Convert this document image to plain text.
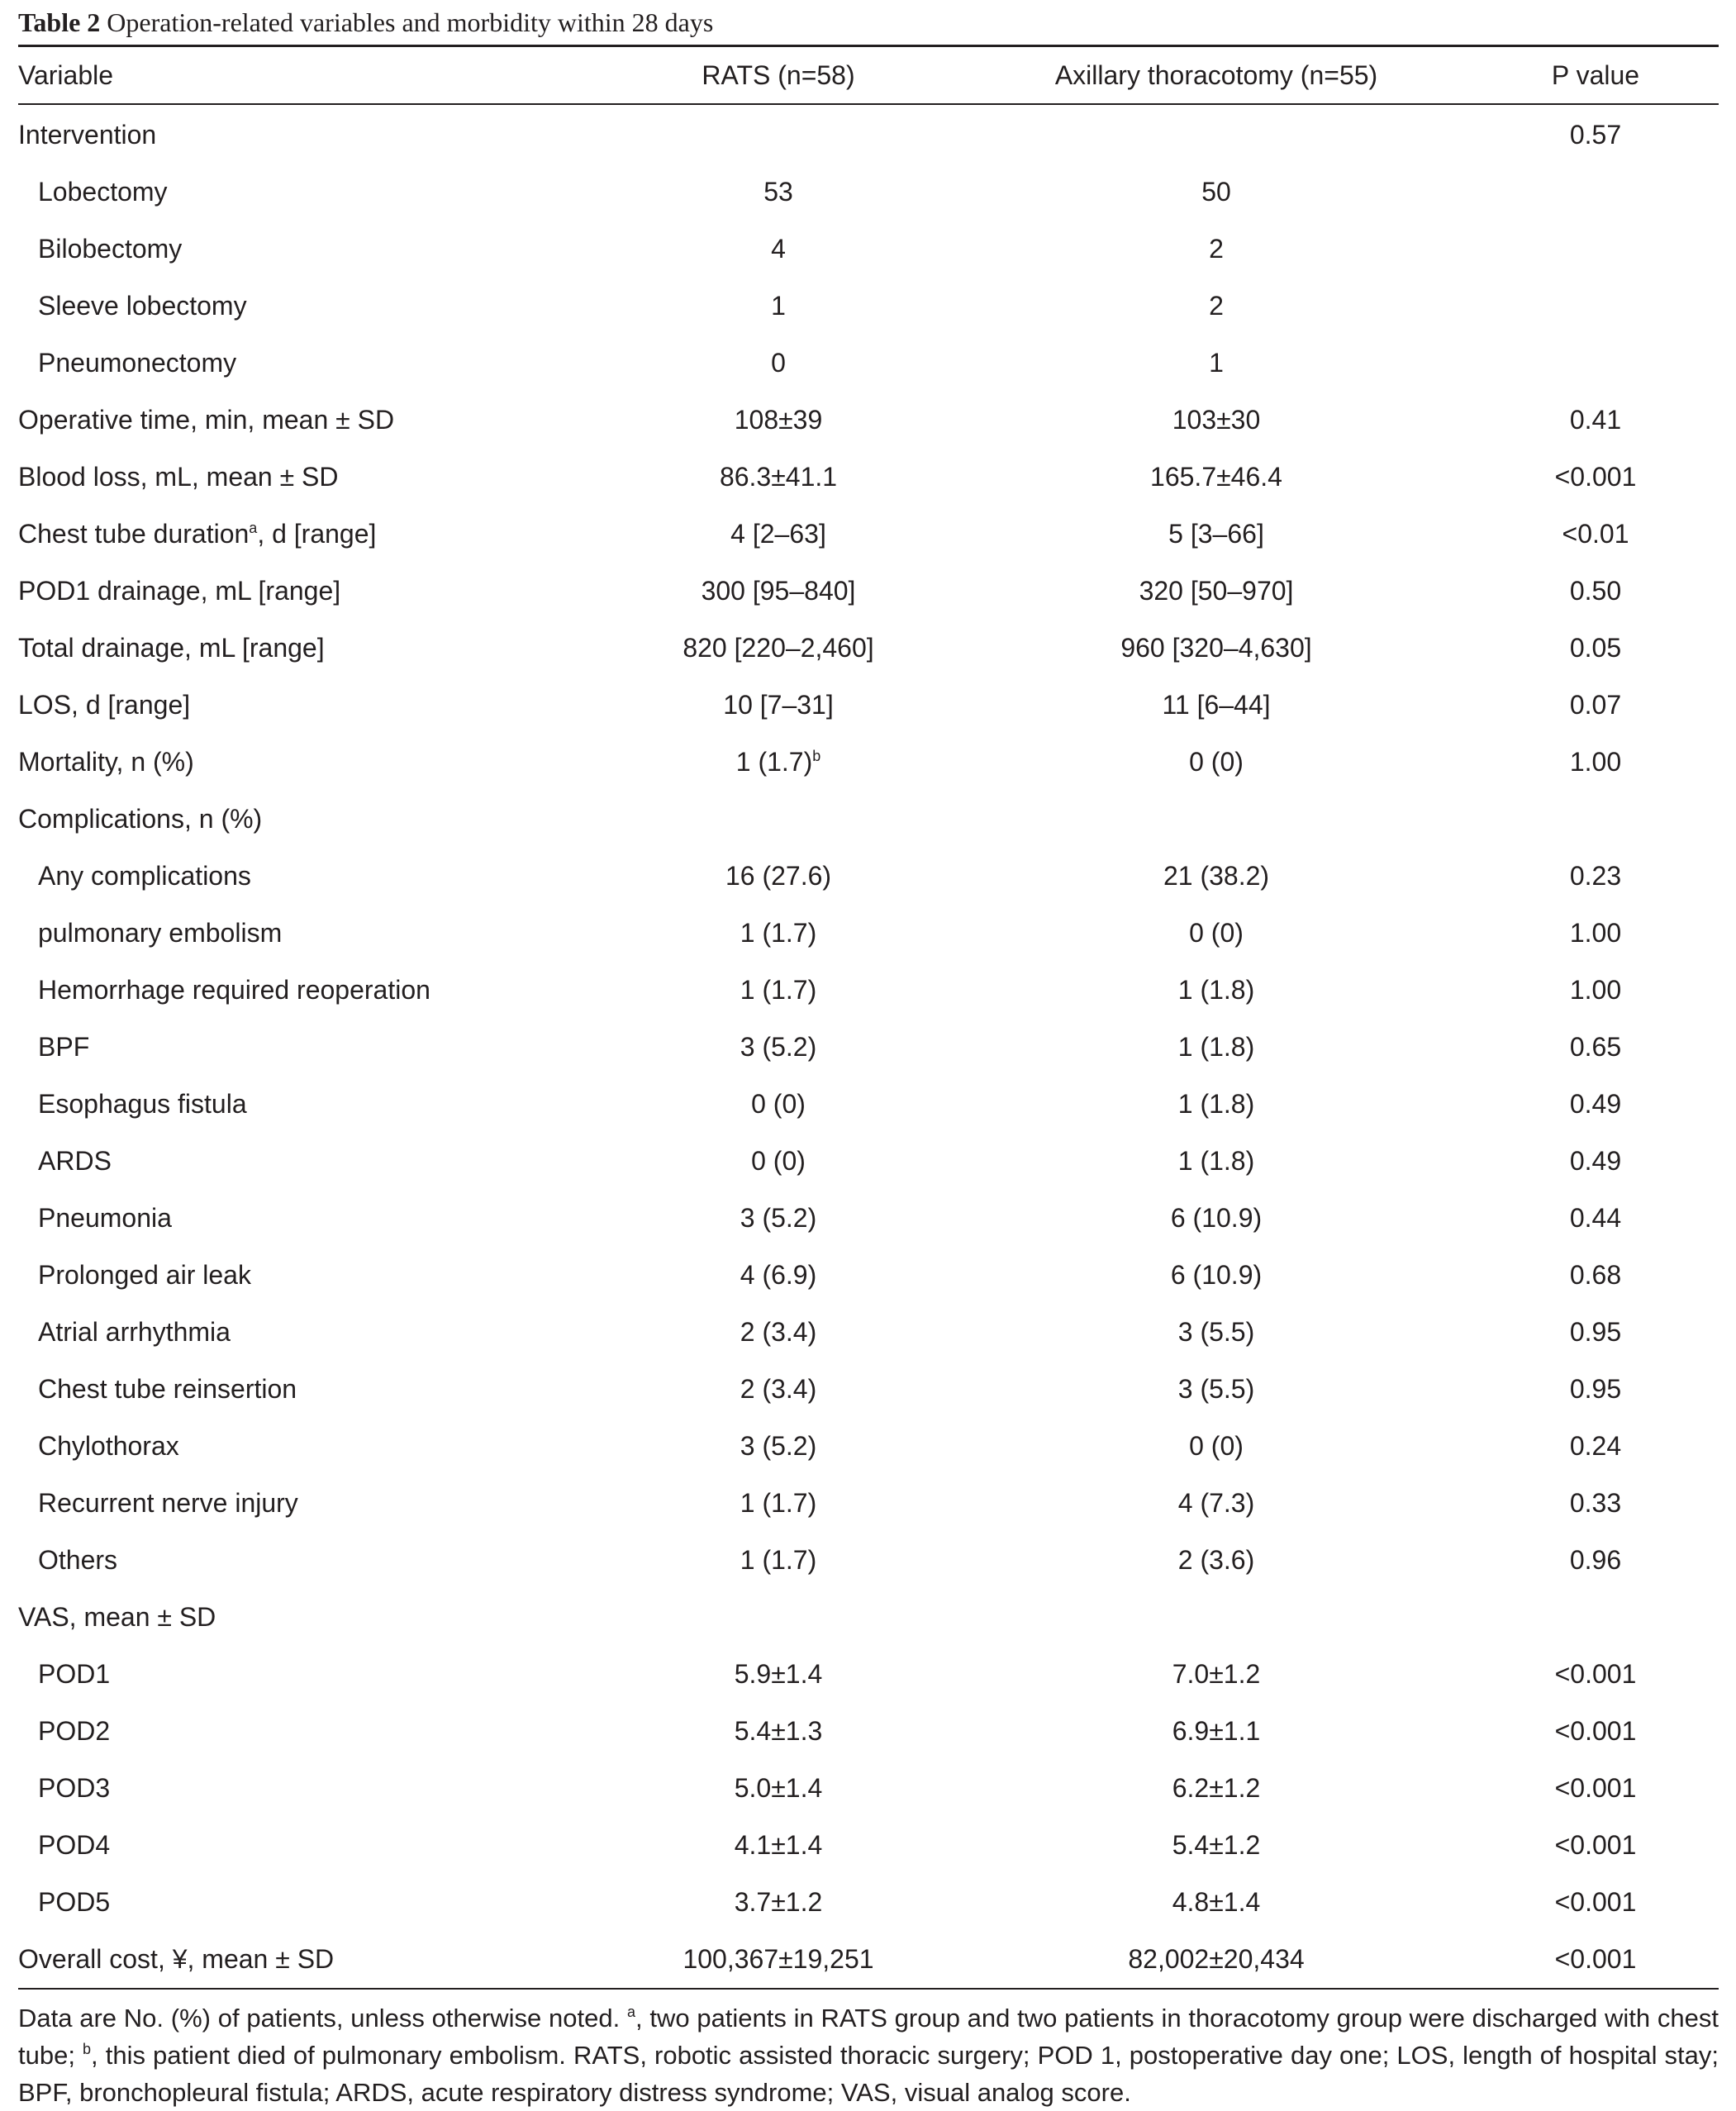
Table 2 Operation-related variables and morbidity within 28 days
Variable	RATS (n=58)	Axillary thoracotomy (n=55)	P value
Intervention			0.57
Lobectomy	53	50	
Bilobectomy	4	2	
Sleeve lobectomy	1	2	
Pneumonectomy	0	1	
Operative time, min, mean ± SD	108±39	103±30	0.41
Blood loss, mL, mean ± SD	86.3±41.1	165.7±46.4	<0.001
Chest tube duration$^a$, d [range]	4 [2–63]	5 [3–66]	<0.01
POD1 drainage, mL [range]	300 [95–840]	320 [50–970]	0.50
Total drainage, mL [range]	820 [220–2,460]	960 [320–4,630]	0.05
LOS, d [range]	10 [7–31]	11 [6–44]	0.07
Mortality, n (%)	1 $(1.7)^b$	0 (0)	1.00
Complications, n (%)			
Any complications	16 (27.6)	21 (38.2)	0.23
pulmonary embolism	1 (1.7)	0 (0)	1.00
Hemorrhage required reoperation	1 (1.7)	1 (1.8)	1.00
BPF	3 (5.2)	1 (1.8)	0.65
Esophagus fistula	0 (0)	1 (1.8)	0.49
ARDS	0 (0)	1 (1.8)	0.49
Pneumonia	3 (5.2)	6 (10.9)	0.44
Prolonged air leak	4 (6.9)	6 (10.9)	0.68
Atrial arrhythmia	2 (3.4)	3 (5.5)	0.95
Chest tube reinsertion	2 (3.4)	3 (5.5)	0.95
Chylothorax	3 (5.2)	0 (0)	0.24
Recurrent nerve injury	1 (1.7)	4 (7.3)	0.33
Others	1 (1.7)	2 (3.6)	0.96
VAS, mean ± SD			
POD1	5.9±1.4	7.0±1.2	<0.001
POD2	5.4±1.3	6.9±1.1	<0.001
POD3	5.0±1.4	6.2±1.2	<0.001
POD4	4.1±1.4	5.4±1.2	<0.001
POD5	3.7±1.2	4.8±1.4	<0.001
Overall cost, ¥, mean ± SD	100,367±19,251	82,002±20,434	<0.001

Data are No. (%) of patients, unless otherwise noted. $^a$, two patients in RATS group and two patients in thoracotomy group were discharged with chest tube; $^b$, this patient died of pulmonary embolism. RATS, robotic assisted thoracic surgery; POD 1, postoperative day one; LOS, length of hospital stay; BPF, bronchopleural fistula; ARDS, acute respiratory distress syndrome; VAS, visual analog score.
